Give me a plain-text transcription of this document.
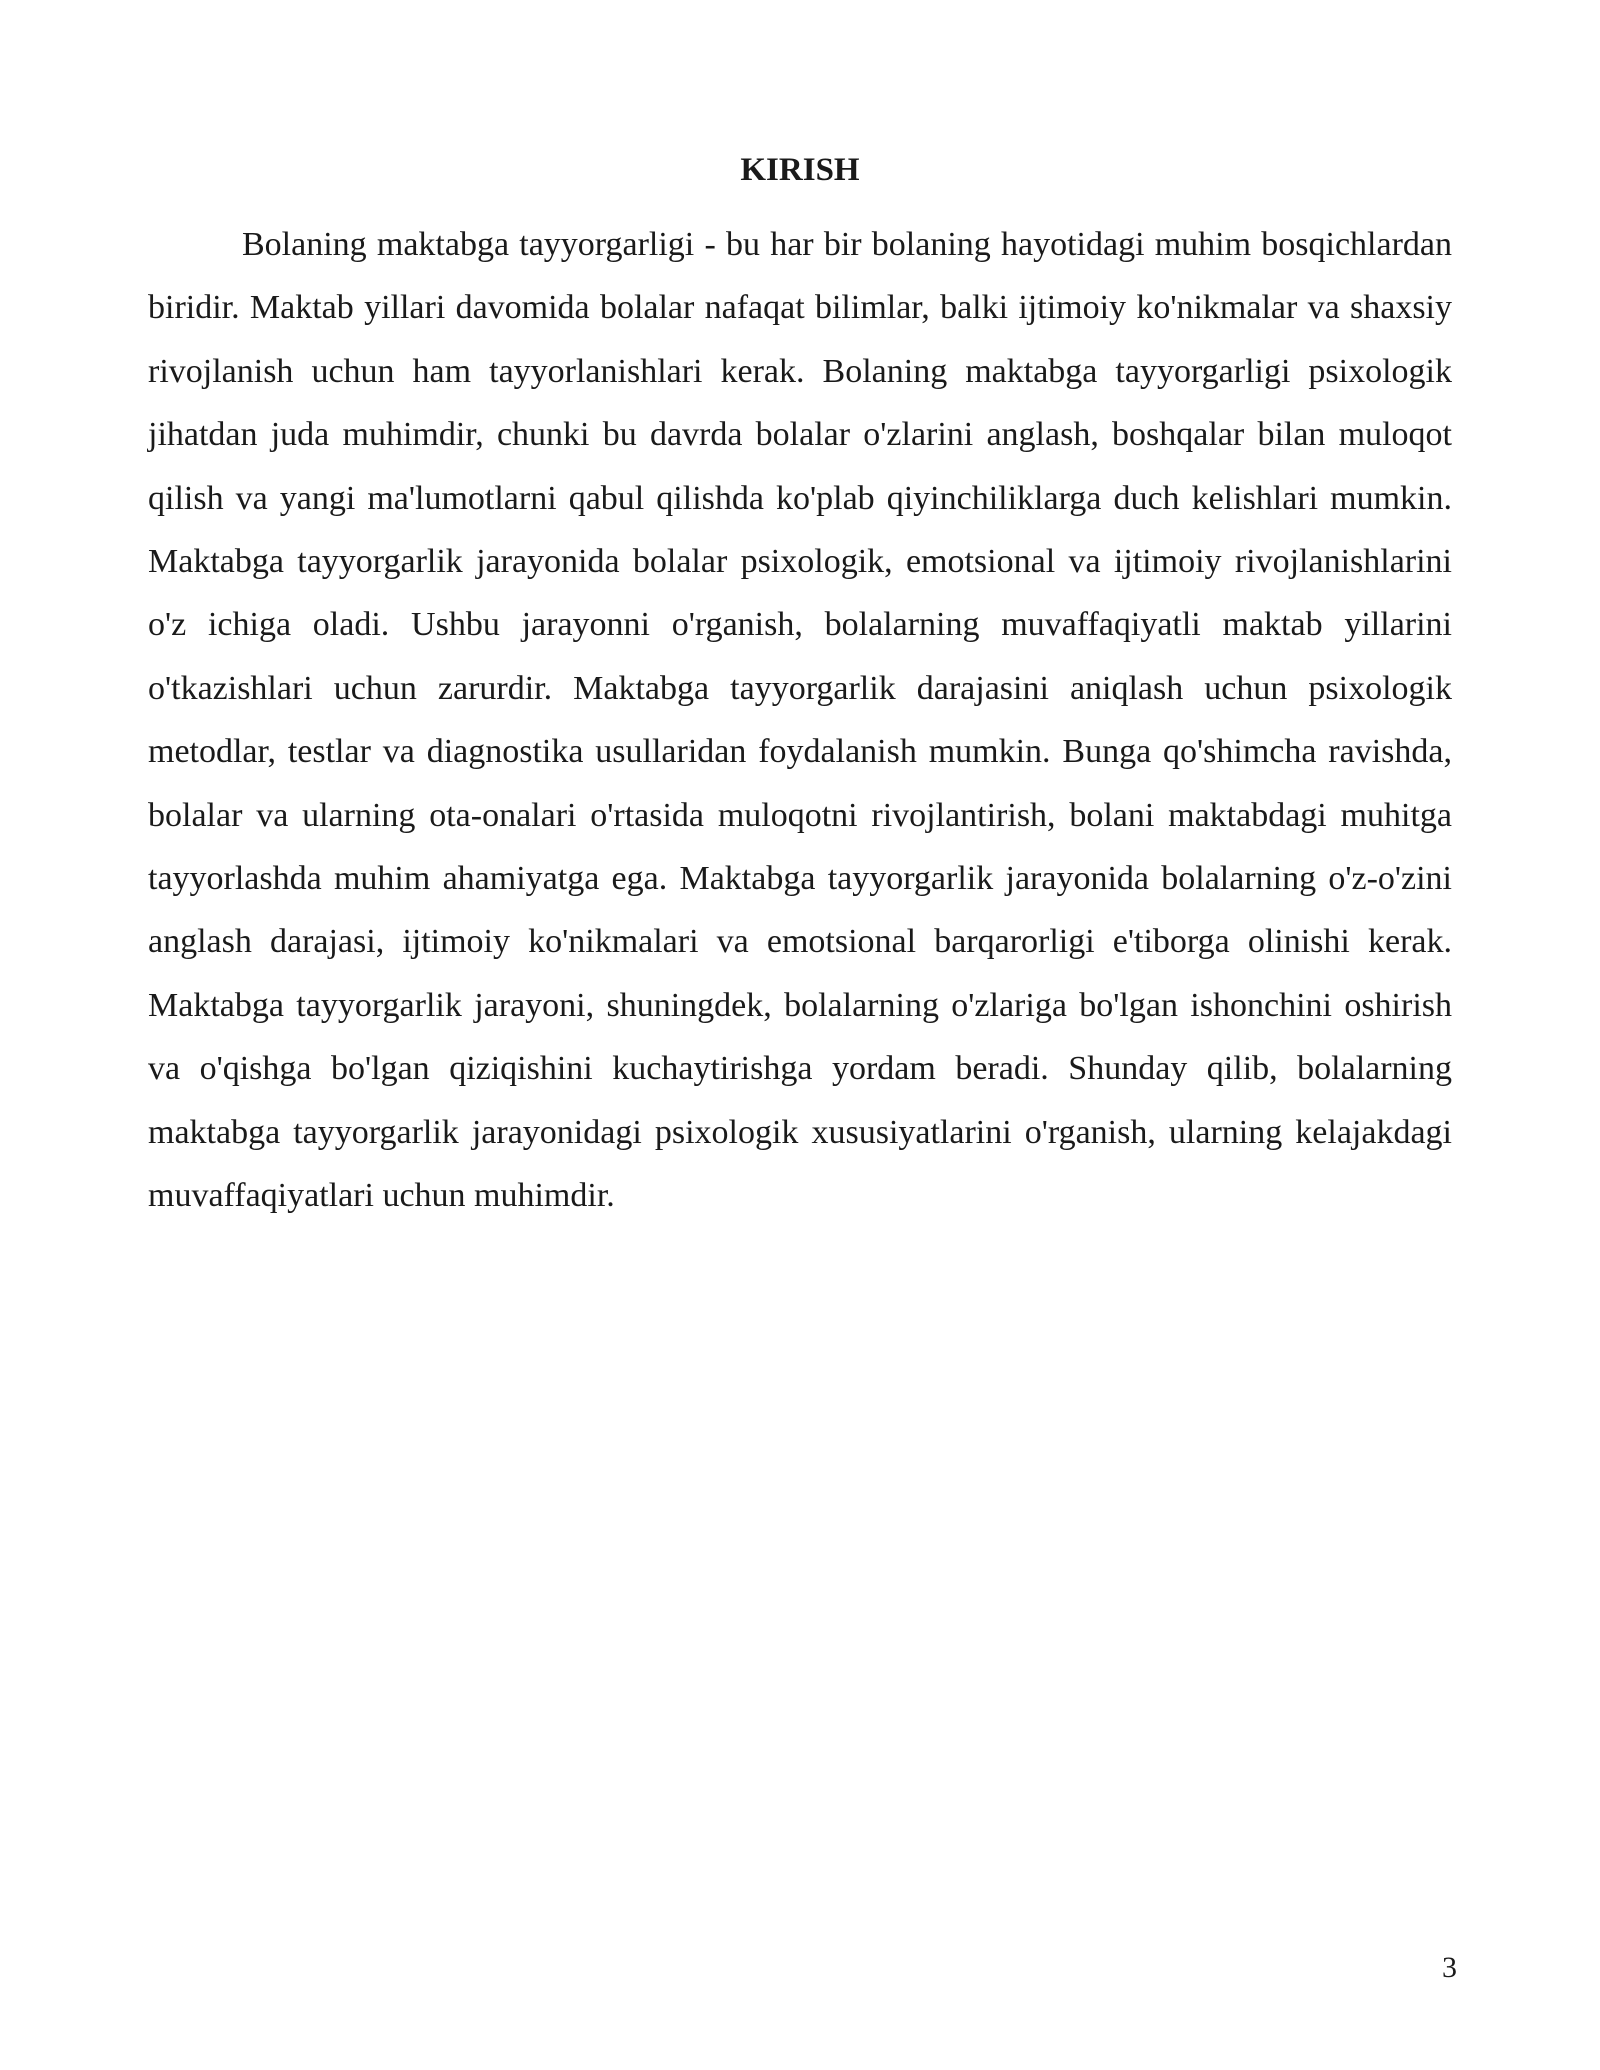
KIRISH

Bolaning maktabga tayyorgarligi - bu har bir bolaning hayotidagi muhim bosqichlardan biridir. Maktab yillari davomida bolalar nafaqat bilimlar, balki ijtimoiy ko'nikmalar va shaxsiy rivojlanish uchun ham tayyorlanishlari kerak. Bolaning maktabga tayyorgarligi psixologik jihatdan juda muhimdir, chunki bu davrda bolalar o'zlarini anglash, boshqalar bilan muloqot qilish va yangi ma'lumotlarni qabul qilishda ko'plab qiyinchiliklarga duch kelishlari mumkin. Maktabga tayyorgarlik jarayonida bolalar psixologik, emotsional va ijtimoiy rivojlanishlarini o'z ichiga oladi. Ushbu jarayonni o'rganish, bolalarning muvaffaqiyatli maktab yillarini o'tkazishlari uchun zarurdir. Maktabga tayyorgarlik darajasini aniqlash uchun psixologik metodlar, testlar va diagnostika usullaridan foydalanish mumkin. Bunga qo'shimcha ravishda, bolalar va ularning ota-onalari o'rtasida muloqotni rivojlantirish, bolani maktabdagi muhitga tayyorlashda muhim ahamiyatga ega. Maktabga tayyorgarlik jarayonida bolalarning o'z-o'zini anglash darajasi, ijtimoiy ko'nikmalari va emotsional barqarorligi e'tiborga olinishi kerak. Maktabga tayyorgarlik jarayoni, shuningdek, bolalarning o'zlariga bo'lgan ishonchini oshirish va o'qishga bo'lgan qiziqishini kuchaytirishga yordam beradi. Shunday qilib, bolalarning maktabga tayyorgarlik jarayonidagi psixologik xususiyatlarini o'rganish, ularning kelajakdagi muvaffaqiyatlari uchun muhimdir.

3
